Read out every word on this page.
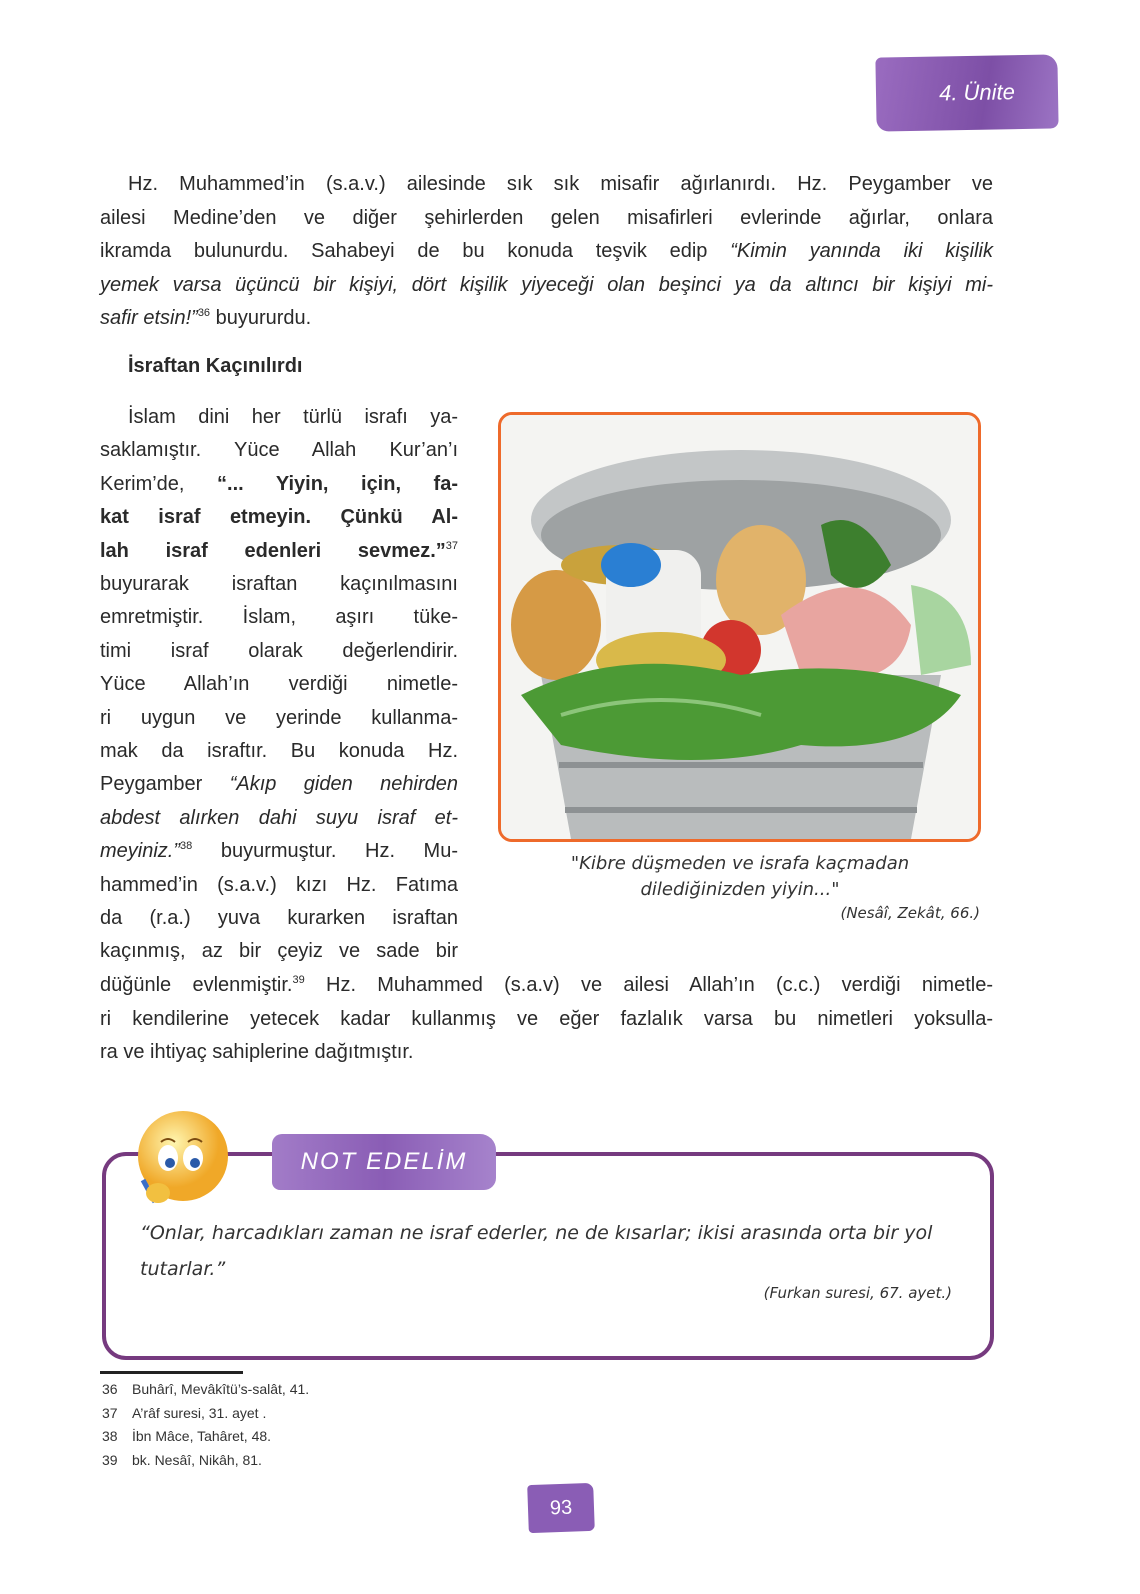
4. Ünite
Hz. Muhammed’in (s.a.v.) ailesinde sık sık misafir ağırlanırdı. Hz. Peygamber ve
ailesi Medine’den ve diğer şehirlerden gelen misafirleri evlerinde ağırlar, onlara
ikramda bulunurdu. Sahabeyi de bu konuda teşvik edip “Kimin yanında iki kişilik
yemek varsa üçüncü bir kişiyi, dört kişilik yiyeceği olan beşinci ya da altıncı bir kişiyi mi-
safir etsin!”$^{36}$ buyururdu.
İsraftan Kaçınılırdı
İslam dini her türlü israfı ya-
saklamıştır. Yüce Allah Kur’an’ı
Kerim’de, “... Yiyin, için, fa-
kat israf etmeyin. Çünkü Al-
lah israf edenleri sevmez.”$^{37}$
buyurarak israftan kaçınılmasını
emretmiştir. İslam, aşırı tüke-
timi israf olarak değerlendirir.
Yüce Allah’ın verdiği nimetle-
ri uygun ve yerinde kullanma-
mak da israftır. Bu konuda Hz.
Peygamber “Akıp giden nehirden
abdest alırken dahi suyu israf et-
meyiniz.”$^{38}$ buyurmuştur. Hz. Mu-
hammed’in (s.a.v.) kızı Hz. Fatıma
da (r.a.) yuva kurarken israftan
kaçınmış, az bir çeyiz ve sade bir
düğünle evlenmiştir.$^{39}$ Hz. Muhammed (s.a.v) ve ailesi Allah’ın (c.c.) verdiği nimetle-
ri kendilerine yetecek kadar kullanmış ve eğer fazlalık varsa bu nimetleri yoksulla-
ra ve ihtiyaç sahiplerine dağıtmıştır.
"Kibre düşmeden ve israfa kaçmadan
dilediğinizden yiyin..."
(Nesâî, Zekât, 66.)
NOT EDELİM
“Onlar, harcadıkları zaman ne israf ederler, ne de kısarlar; ikisi arasında orta bir yol
tutarlar.”
(Furkan suresi, 67. ayet.)
36 Buhârî, Mevâkîtü’s-salât, 41.
37 A’râf suresi, 31. ayet .
38 İbn Mâce, Tahâret, 48.
39 bk. Nesâî, Nikâh, 81.
93
